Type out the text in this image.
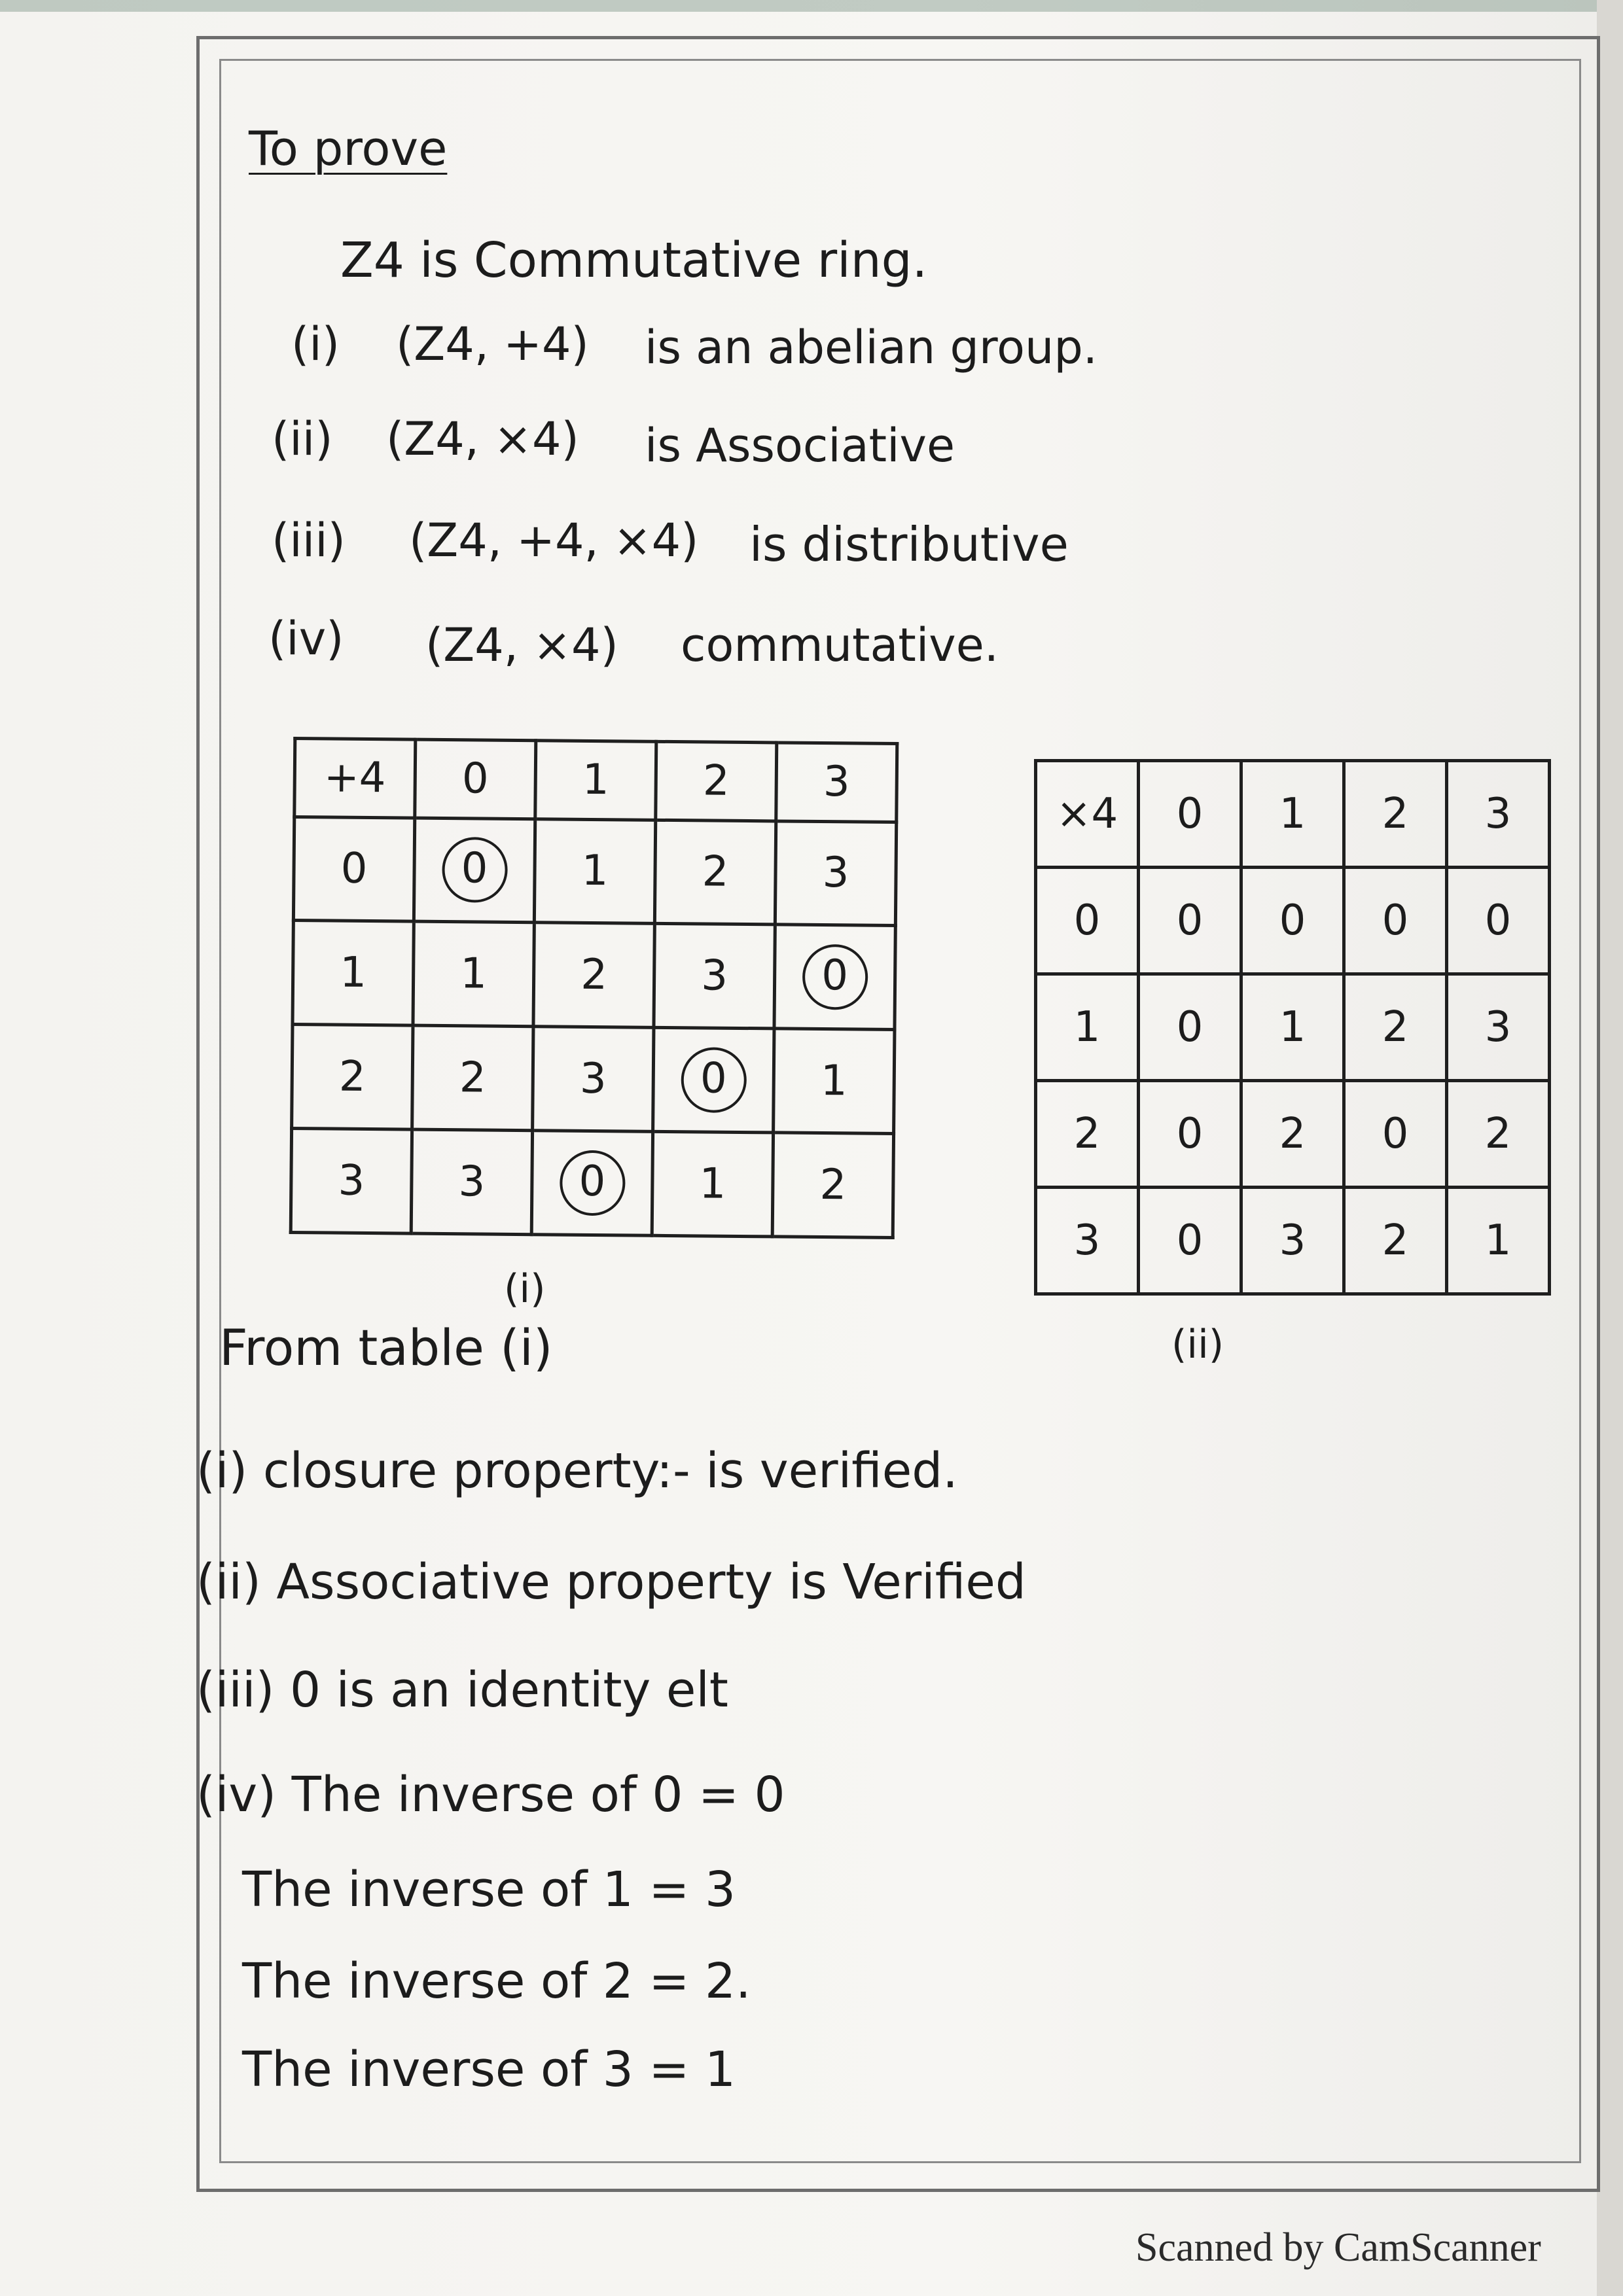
To prove
Z4 is Commutative ring.
(i) (Z4, +4) is an abelian group.
(ii) (Z4, ×4) is Associative
(iii) (Z4, +4, ×4) is distributive
(iv) (Z4, ×4) commutative.
+4	0	1	2	3
0	0	1	2	3
1	1	2	3	0
2	2	3	0	1
3	3	0	1	2
(i)
×4	0	1	2	3
0	0	0	0	0
1	0	1	2	3
2	0	2	0	2
3	0	3	2	1
(ii)
From table (i)
(i) closure property:- is verified.
(ii) Associative property is Verified
(iii) 0 is an identity elt
(iv) The inverse of 0 = 0
The inverse of 1 = 3
The inverse of 2 = 2.
The inverse of 3 = 1
Scanned by CamScanner
